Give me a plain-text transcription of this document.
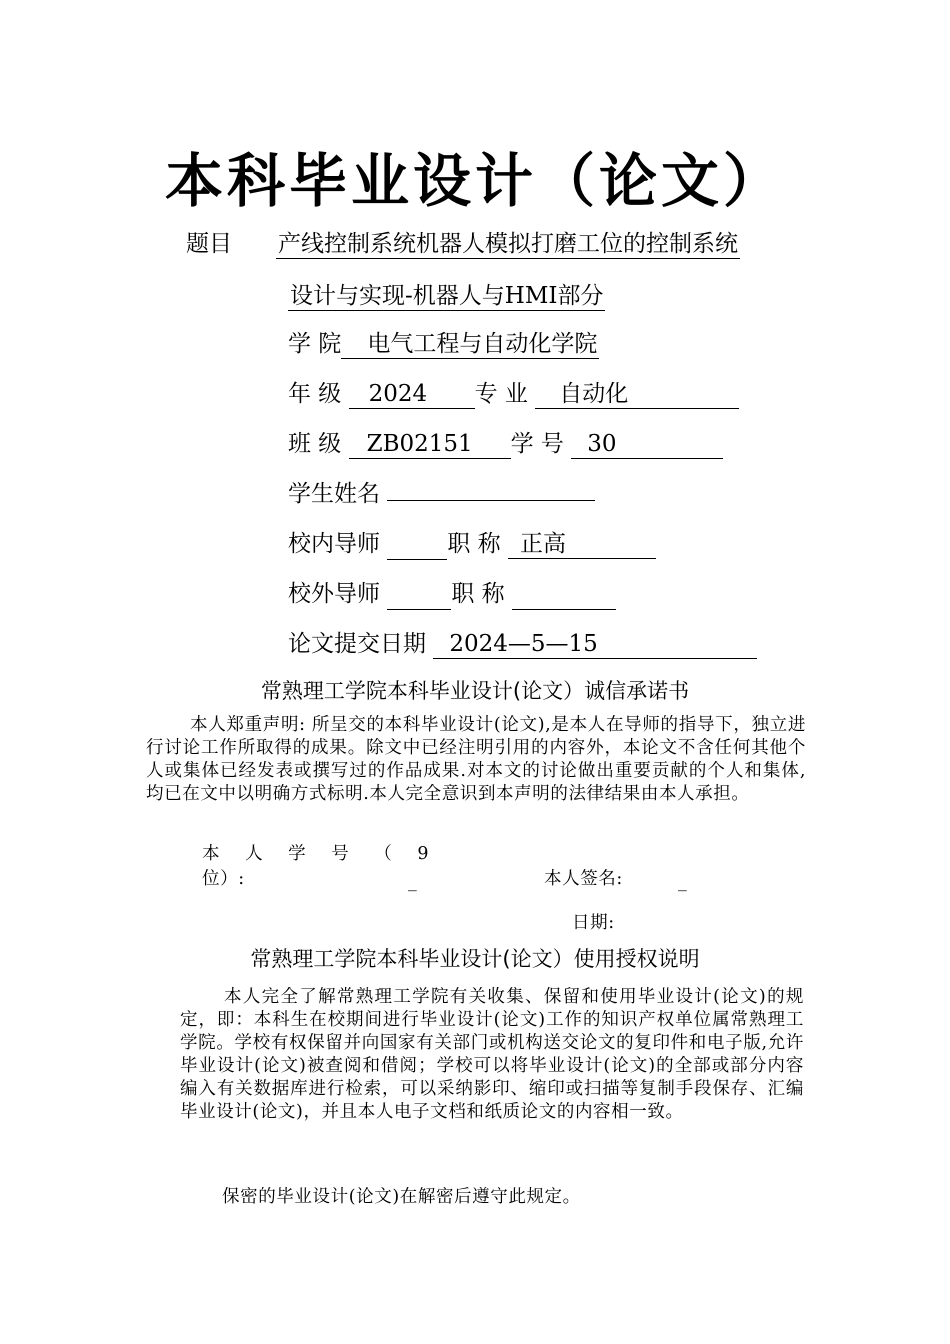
本科毕业设计（论文）
题目 产线控制系统机器人模拟打磨工位的控制系统
设计与实现-机器人与HMI部分
学 院 电气工程与自动化学院
年 级 2024 专 业 自动化
班 级 ZB02151 学 号 30
学生姓名
校内导师	职 称 正高
校外导师	职 称
论文提交日期 2024—5—15
常熟理工学院本科毕业设计(论文）诚信承诺书
本人郑重声明: 所呈交的本科毕业设计(论文),是本人在导师的指导下，独立进行讨论工作所取得的成果。除文中已经注明引用的内容外，本论文不含任何其他个人或集体已经发表或撰写过的作品成果.对本文的讨论做出重要贡献的个人和集体,均已在文中以明确方式标明.本人完全意识到本声明的法律结果由本人承担。
本 人 学 号 （ 9
位）:	_	本人签名:	_
日期:
常熟理工学院本科毕业设计(论文）使用授权说明
本人完全了解常熟理工学院有关收集、保留和使用毕业设计(论文)的规定，即：本科生在校期间进行毕业设计(论文)工作的知识产权单位属常熟理工学院。学校有权保留并向国家有关部门或机构送交论文的复印件和电子版,允许毕业设计(论文)被查阅和借阅；学校可以将毕业设计(论文)的全部或部分内容编入有关数据库进行检索，可以采纳影印、缩印或扫描等复制手段保存、汇编毕业设计(论文)，并且本人电子文档和纸质论文的内容相一致。
保密的毕业设计(论文)在解密后遵守此规定。
